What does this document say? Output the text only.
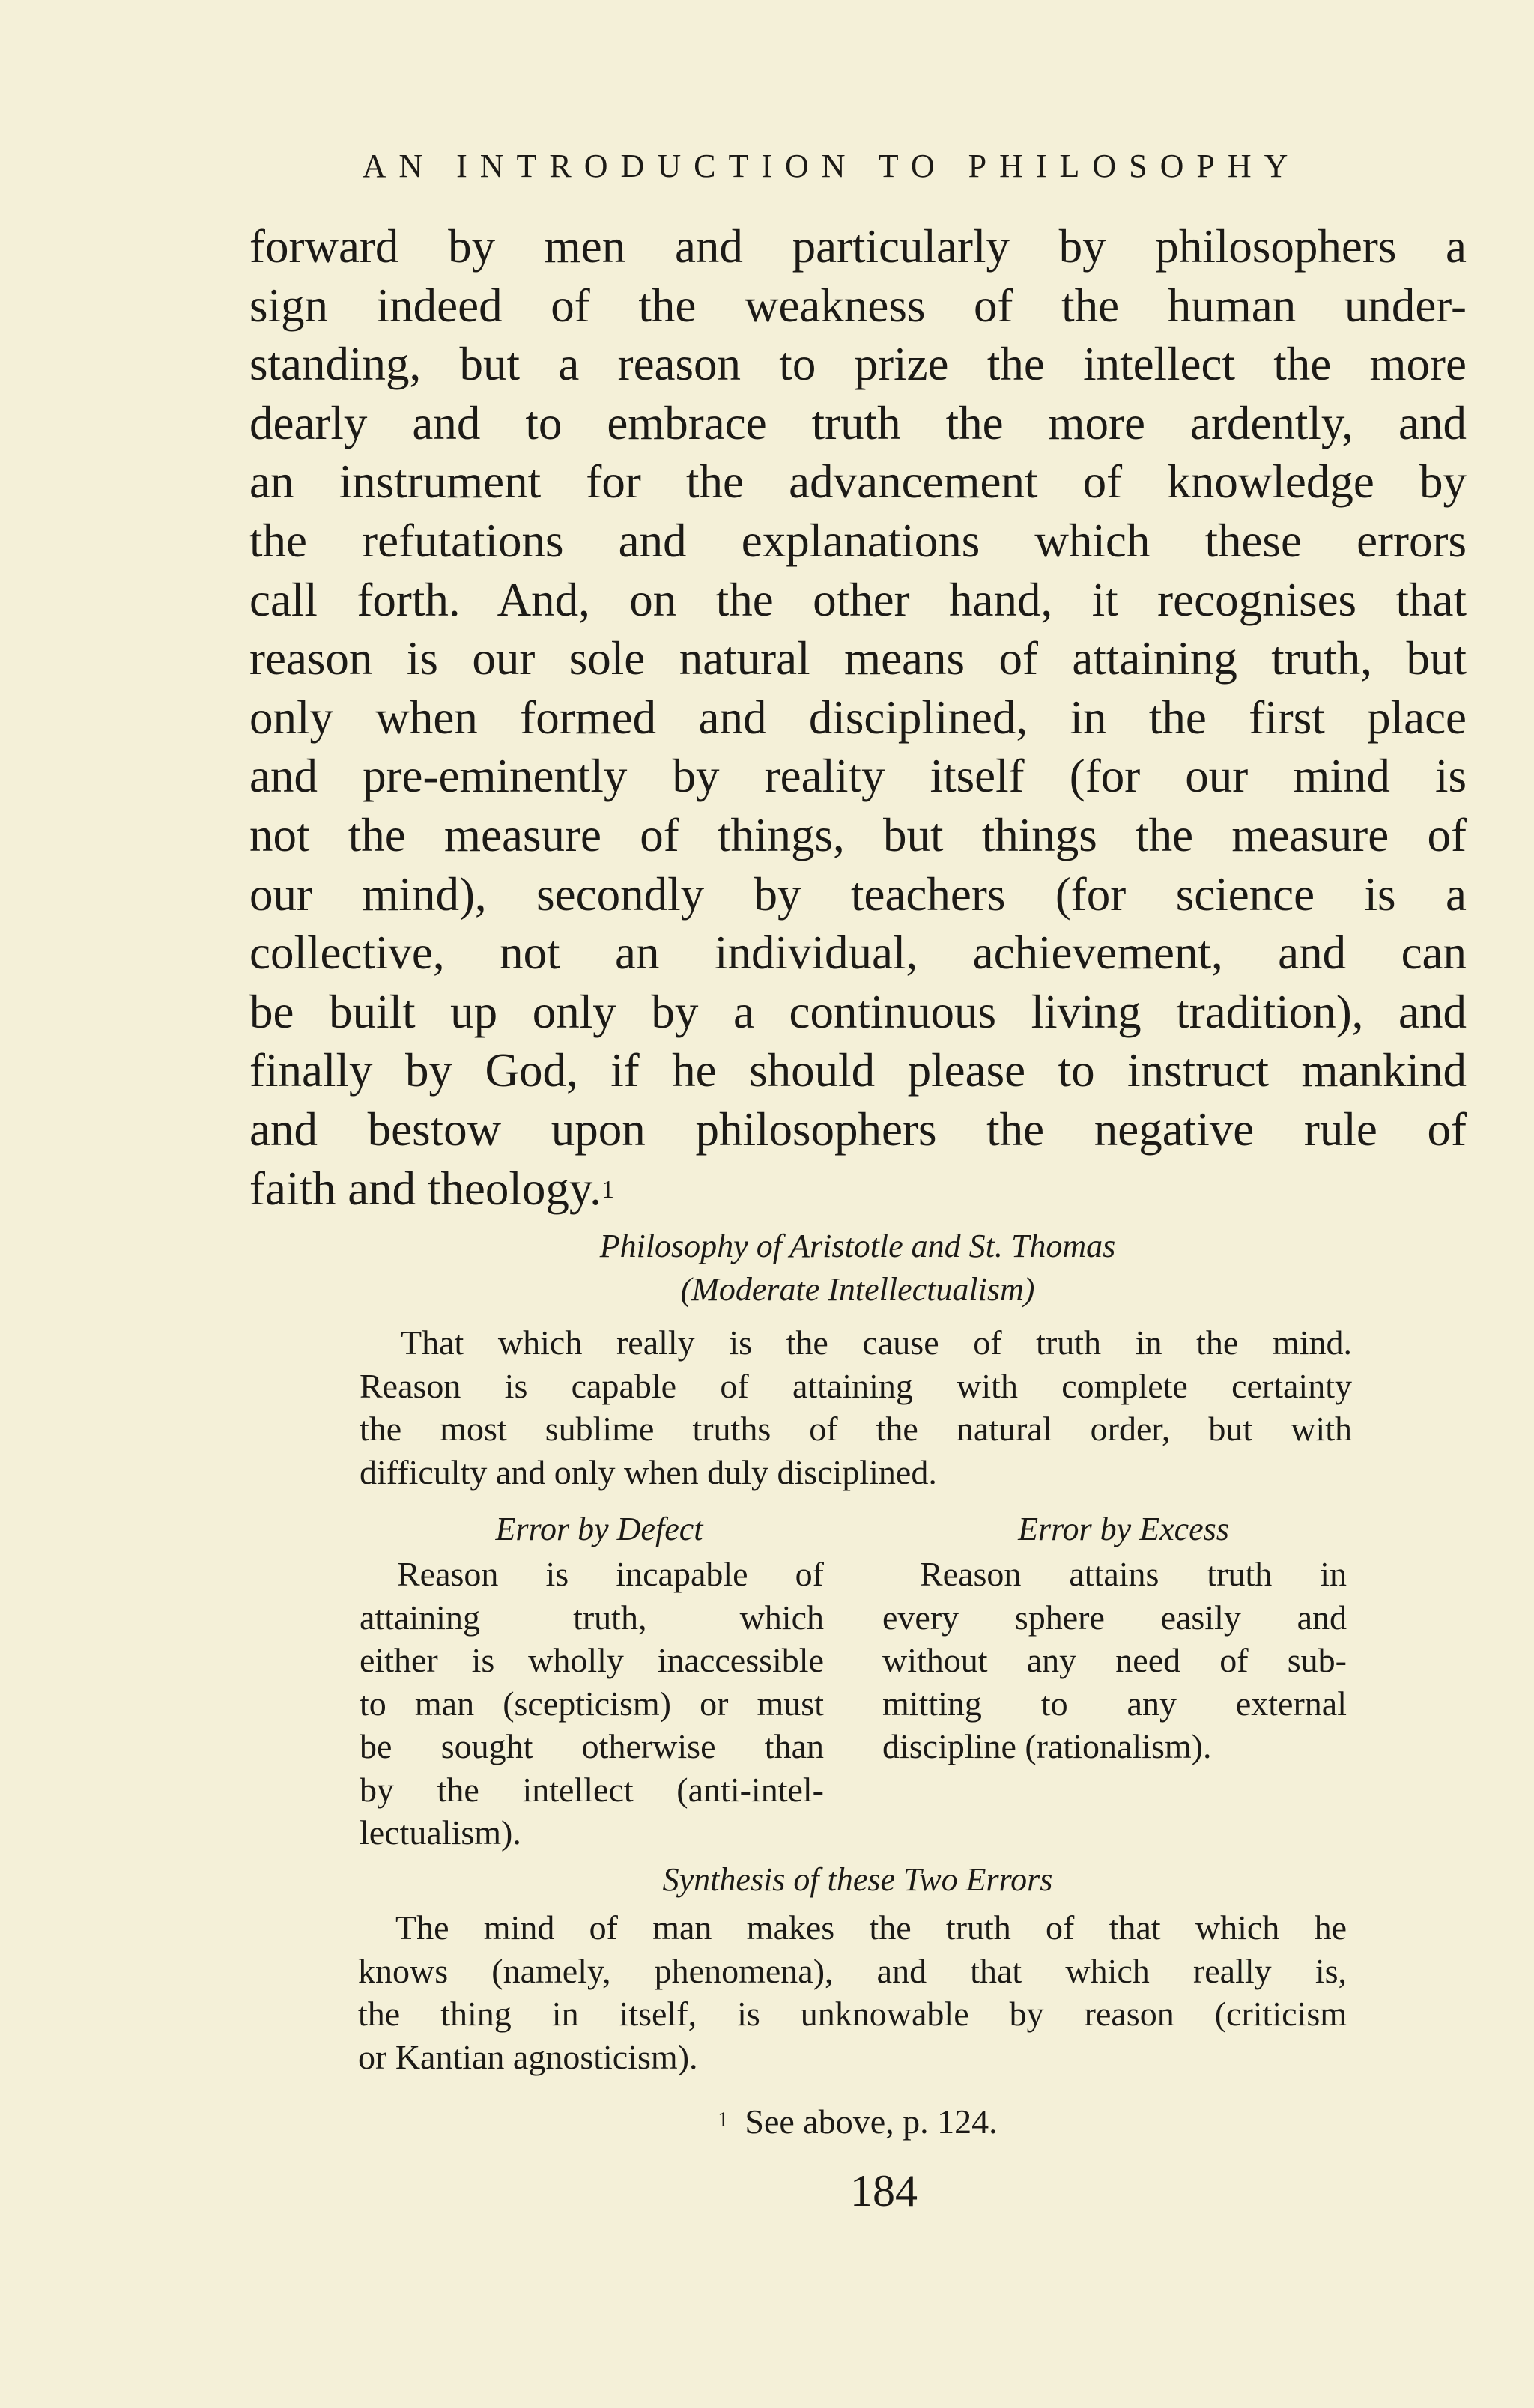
AN INTRODUCTION TO PHILOSOPHY
forward by men and particularly by philosophers a
sign indeed of the weakness of the human under-
standing, but a reason to prize the intellect the more
dearly and to embrace truth the more ardently, and
an instrument for the advancement of knowledge by
the refutations and explanations which these errors
call forth. And, on the other hand, it recognises that
reason is our sole natural means of attaining truth, but
only when formed and disciplined, in the first place
and pre-eminently by reality itself (for our mind is
not the measure of things, but things the measure of
our mind), secondly by teachers (for science is a
collective, not an individual, achievement, and can
be built up only by a continuous living tradition), and
finally by God, if he should please to instruct mankind
and bestow upon philosophers the negative rule of
faith and theology.$^1$
Philosophy of Aristotle and St. Thomas
(Moderate Intellectualism)
That which really is the cause of truth in the mind.
Reason is capable of attaining with complete certainty
the most sublime truths of the natural order, but with
difficulty and only when duly disciplined.
Error by Defect	Error by Excess
Reason is incapable of
attaining truth, which
either is wholly inaccessible
to man (scepticism) or must
be sought otherwise than
by the intellect (anti-intel-
lectualism).
Reason attains truth in
every sphere easily and
without any need of sub-
mitting to any external
discipline (rationalism).
Synthesis of these Two Errors
The mind of man makes the truth of that which he
knows (namely, phenomena), and that which really is,
the thing in itself, is unknowable by reason (criticism
or Kantian agnosticism).
$^1$ See above, p. 124.
184
